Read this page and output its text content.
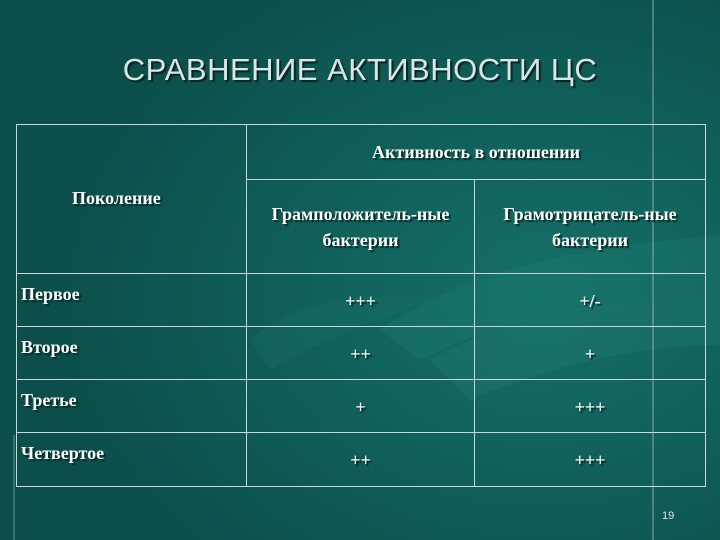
СРАВНЕНИЕ АКТИВНОСТИ ЦС
Поколение	Активность в отношении	
	Грамположитель-ные бактерии	Грамотрицатель-ные бактерии
Первое	+++	+/-
Второе	++	+
Третье	+	+++
Четвертое	++	+++
19
